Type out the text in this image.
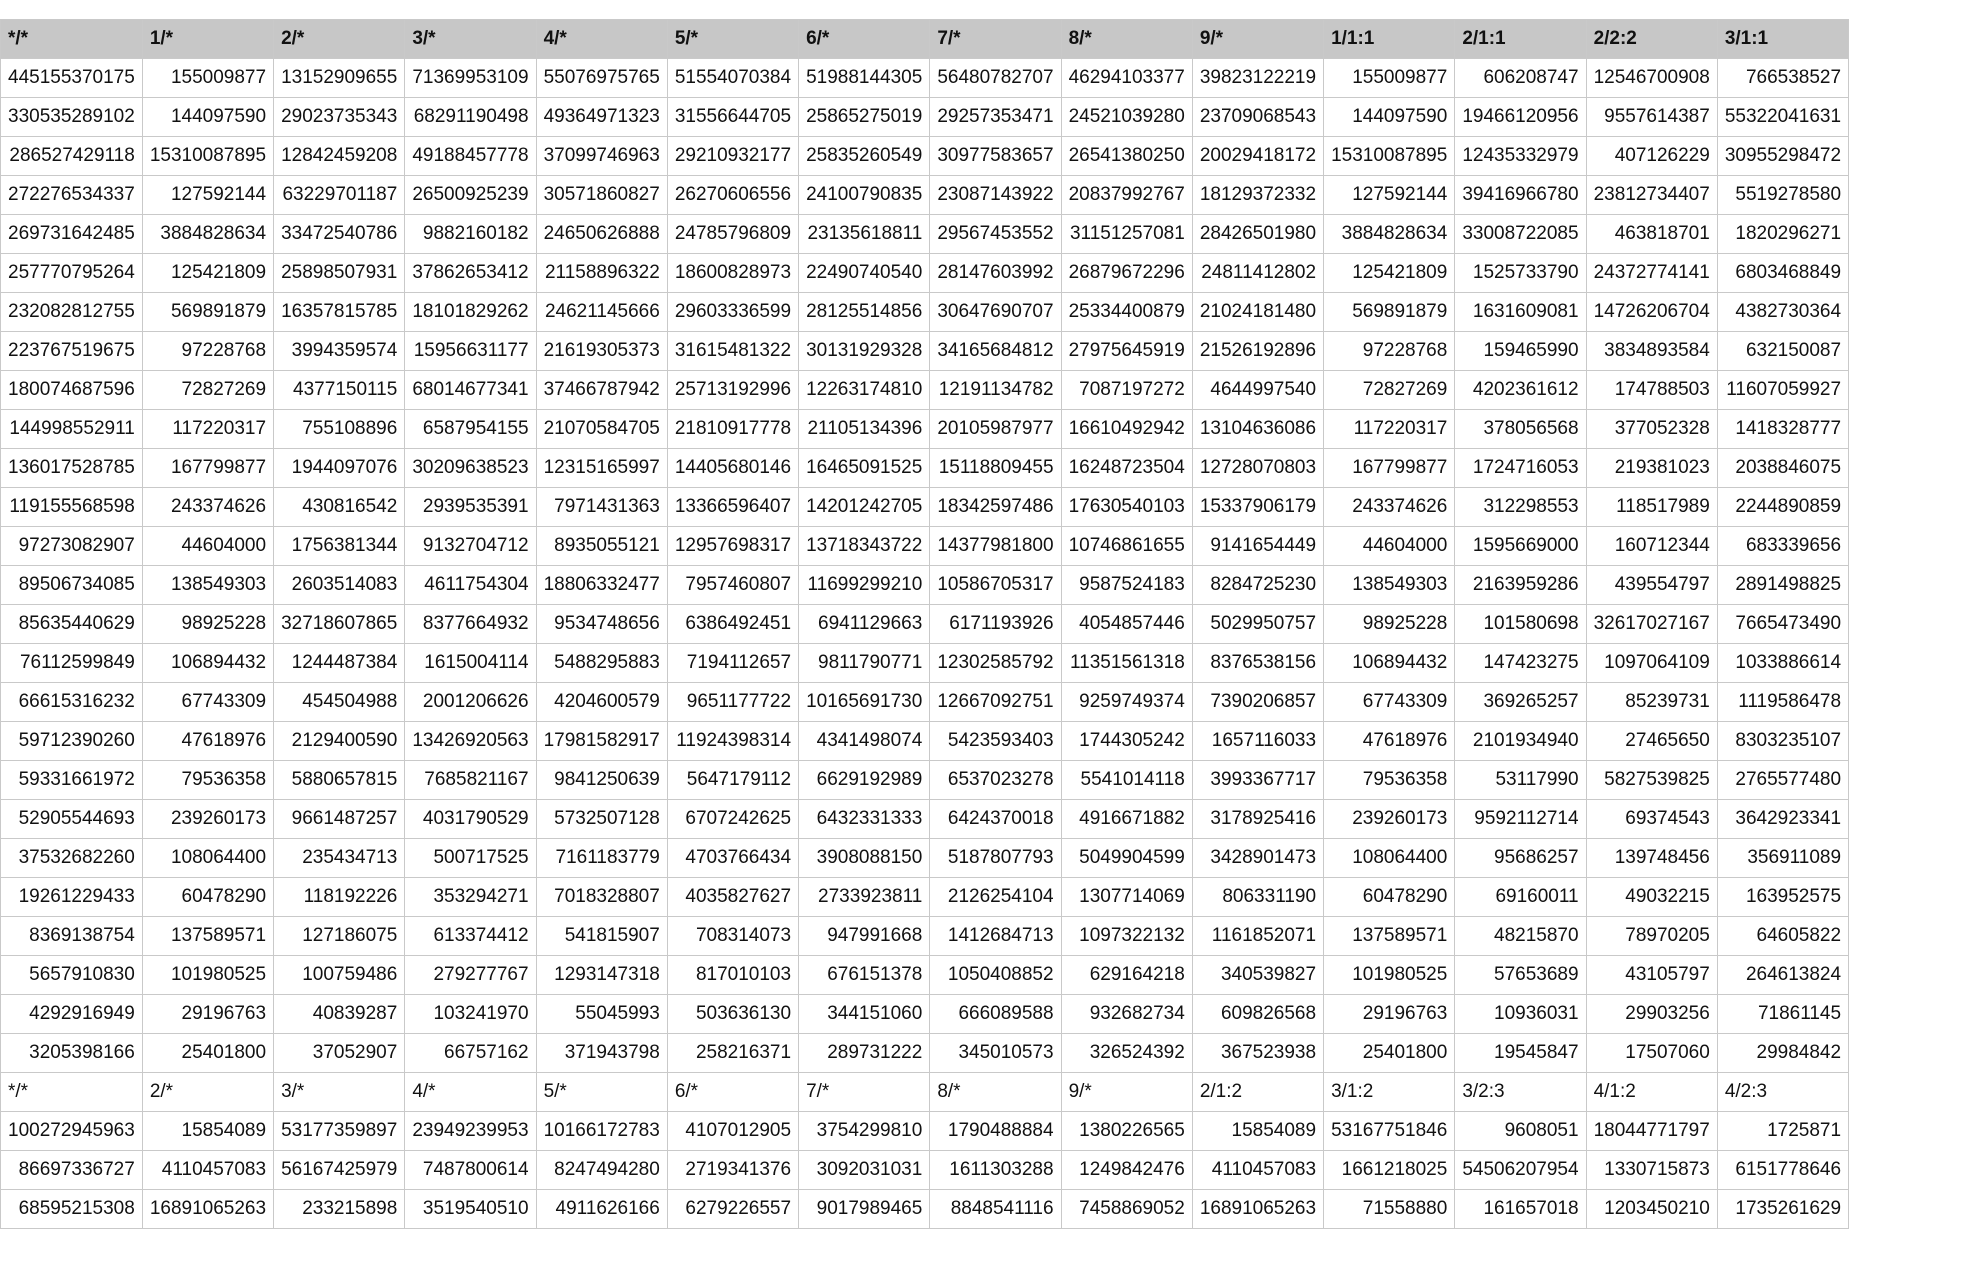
*/*	1/*	2/*	3/*	4/*	5/*	6/*	7/*	8/*	9/*	1/1:1	2/1:1	2/2:2	3/1:1
445155370175	155009877	13152909655	71369953109	55076975765	51554070384	51988144305	56480782707	46294103377	39823122219	155009877	606208747	12546700908	766538527
330535289102	144097590	29023735343	68291190498	49364971323	31556644705	25865275019	29257353471	24521039280	23709068543	144097590	19466120956	9557614387	55322041631
286527429118	15310087895	12842459208	49188457778	37099746963	29210932177	25835260549	30977583657	26541380250	20029418172	15310087895	12435332979	407126229	30955298472
272276534337	127592144	63229701187	26500925239	30571860827	26270606556	24100790835	23087143922	20837992767	18129372332	127592144	39416966780	23812734407	5519278580
269731642485	3884828634	33472540786	9882160182	24650626888	24785796809	23135618811	29567453552	31151257081	28426501980	3884828634	33008722085	463818701	1820296271
257770795264	125421809	25898507931	37862653412	21158896322	18600828973	22490740540	28147603992	26879672296	24811412802	125421809	1525733790	24372774141	6803468849
232082812755	569891879	16357815785	18101829262	24621145666	29603336599	28125514856	30647690707	25334400879	21024181480	569891879	1631609081	14726206704	4382730364
223767519675	97228768	3994359574	15956631177	21619305373	31615481322	30131929328	34165684812	27975645919	21526192896	97228768	159465990	3834893584	632150087
180074687596	72827269	4377150115	68014677341	37466787942	25713192996	12263174810	12191134782	7087197272	4644997540	72827269	4202361612	174788503	11607059927
144998552911	117220317	755108896	6587954155	21070584705	21810917778	21105134396	20105987977	16610492942	13104636086	117220317	378056568	377052328	1418328777
136017528785	167799877	1944097076	30209638523	12315165997	14405680146	16465091525	15118809455	16248723504	12728070803	167799877	1724716053	219381023	2038846075
119155568598	243374626	430816542	2939535391	7971431363	13366596407	14201242705	18342597486	17630540103	15337906179	243374626	312298553	118517989	2244890859
97273082907	44604000	1756381344	9132704712	8935055121	12957698317	13718343722	14377981800	10746861655	9141654449	44604000	1595669000	160712344	683339656
89506734085	138549303	2603514083	4611754304	18806332477	7957460807	11699299210	10586705317	9587524183	8284725230	138549303	2163959286	439554797	2891498825
85635440629	98925228	32718607865	8377664932	9534748656	6386492451	6941129663	6171193926	4054857446	5029950757	98925228	101580698	32617027167	7665473490
76112599849	106894432	1244487384	1615004114	5488295883	7194112657	9811790771	12302585792	11351561318	8376538156	106894432	147423275	1097064109	1033886614
66615316232	67743309	454504988	2001206626	4204600579	9651177722	10165691730	12667092751	9259749374	7390206857	67743309	369265257	85239731	1119586478
59712390260	47618976	2129400590	13426920563	17981582917	11924398314	4341498074	5423593403	1744305242	1657116033	47618976	2101934940	27465650	8303235107
59331661972	79536358	5880657815	7685821167	9841250639	5647179112	6629192989	6537023278	5541014118	3993367717	79536358	53117990	5827539825	2765577480
52905544693	239260173	9661487257	4031790529	5732507128	6707242625	6432331333	6424370018	4916671882	3178925416	239260173	9592112714	69374543	3642923341
37532682260	108064400	235434713	500717525	7161183779	4703766434	3908088150	5187807793	5049904599	3428901473	108064400	95686257	139748456	356911089
19261229433	60478290	118192226	353294271	7018328807	4035827627	2733923811	2126254104	1307714069	806331190	60478290	69160011	49032215	163952575
8369138754	137589571	127186075	613374412	541815907	708314073	947991668	1412684713	1097322132	1161852071	137589571	48215870	78970205	64605822
5657910830	101980525	100759486	279277767	1293147318	817010103	676151378	1050408852	629164218	340539827	101980525	57653689	43105797	264613824
4292916949	29196763	40839287	103241970	55045993	503636130	344151060	666089588	932682734	609826568	29196763	10936031	29903256	71861145
3205398166	25401800	37052907	66757162	371943798	258216371	289731222	345010573	326524392	367523938	25401800	19545847	17507060	29984842
*/*	2/*	3/*	4/*	5/*	6/*	7/*	8/*	9/*	2/1:2	3/1:2	3/2:3	4/1:2	4/2:3
100272945963	15854089	53177359897	23949239953	10166172783	4107012905	3754299810	1790488884	1380226565	15854089	53167751846	9608051	18044771797	1725871
86697336727	4110457083	56167425979	7487800614	8247494280	2719341376	3092031031	1611303288	1249842476	4110457083	1661218025	54506207954	1330715873	6151778646
68595215308	16891065263	233215898	3519540510	4911626166	6279226557	9017989465	8848541116	7458869052	16891065263	71558880	161657018	1203450210	1735261629
